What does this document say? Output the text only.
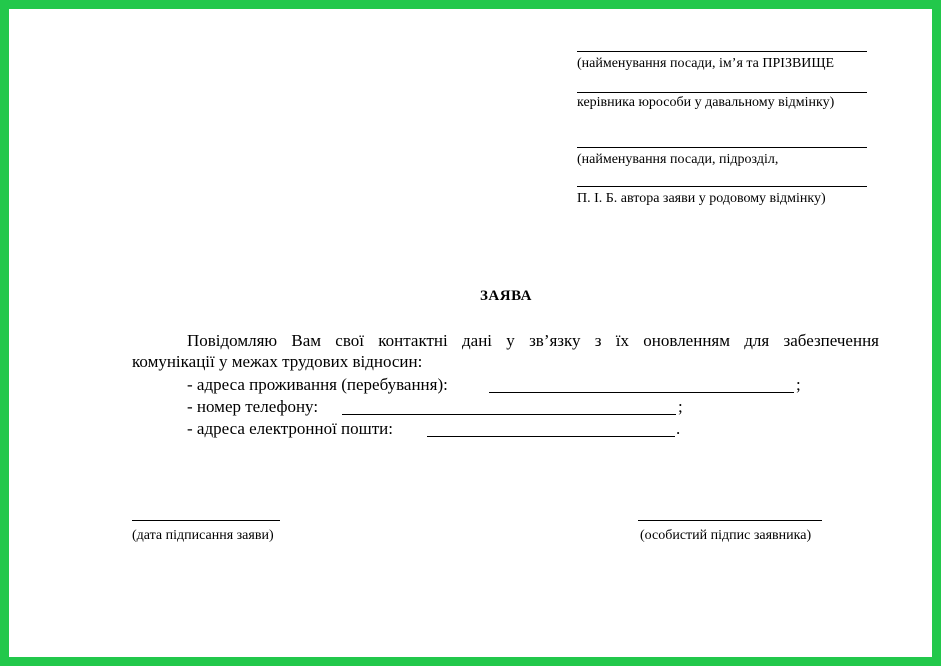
(найменування посади, ім’я та ПРІЗВИЩЕ
керівника юрособи у давальному відмінку)
(найменування посади, підрозділ,
П. І. Б. автора заяви у родовому відмінку)
ЗАЯВА
Повідомляю Вам свої контактні дані у зв’язку з їх оновленням для забезпечення
комунікації у межах трудових відносин:
- адреса проживання (перебування):	;
- номер телефону:	;
- адреса електронної пошти:	.
(дата підписання заяви)	(особистий підпис заявника)
